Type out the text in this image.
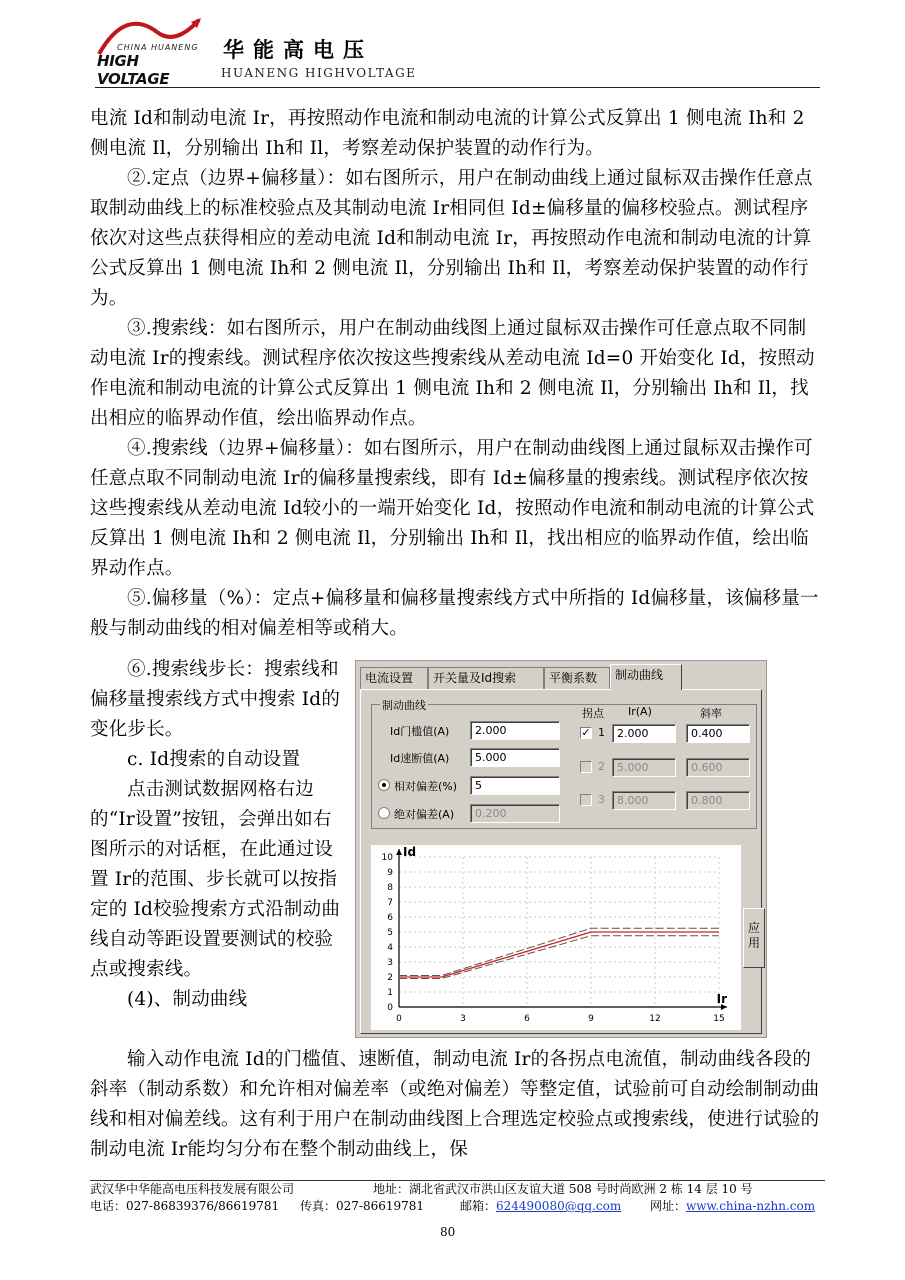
CHINA HUANENG
HIGH VOLTAGE
华能高电压
HUANENG HIGHVOLTAGE

电流 Id和制动电流 Ir，再按照动作电流和制动电流的计算公式反算出 1 侧电流 Ih和 2 侧电流 Il，分别输出 Ih和 Il，考察差动保护装置的动作行为。

②.定点（边界+偏移量）：如右图所示，用户在制动曲线上通过鼠标双击操作任意点取制动曲线上的标准校验点及其制动电流 Ir相同但 Id±偏移量的偏移校验点。测试程序依次对这些点获得相应的差动电流 Id和制动电流 Ir，再按照动作电流和制动电流的计算公式反算出 1 侧电流 Ih和 2 侧电流 Il，分别输出 Ih和 Il，考察差动保护装置的动作行为。

③.搜索线：如右图所示，用户在制动曲线图上通过鼠标双击操作可任意点取不同制动电流 Ir的搜索线。测试程序依次按这些搜索线从差动电流 Id=0 开始变化 Id，按照动作电流和制动电流的计算公式反算出 1 侧电流 Ih和 2 侧电流 Il，分别输出 Ih和 Il，找出相应的临界动作值，绘出临界动作点。

④.搜索线（边界+偏移量）：如右图所示，用户在制动曲线图上通过鼠标双击操作可任意点取不同制动电流 Ir的偏移量搜索线，即有 Id±偏移量的搜索线。测试程序依次按这些搜索线从差动电流 Id较小的一端开始变化 Id，按照动作电流和制动电流的计算公式反算出 1 侧电流 Ih和 2 侧电流 Il，分别输出 Ih和 Il，找出相应的临界动作值，绘出临界动作点。

⑤.偏移量（%）：定点+偏移量和偏移量搜索线方式中所指的 Id偏移量，该偏移量一般与制动曲线的相对偏差相等或稍大。

⑥.搜索线步长：搜索线和偏移量搜索线方式中搜索 Id的变化步长。

c. Id搜索的自动设置

点击测试数据网格右边的“Ir设置”按钮，会弹出如右图所示的对话框，在此通过设置 Ir的范围、步长就可以按指定的 Id校验搜索方式沿制动曲线自动等距设置要测试的校验点或搜索线。

(4)、制动曲线

输入动作电流 Id的门槛值、速断值，制动电流 Ir的各拐点电流值，制动曲线各段的斜率（制动系数）和允许相对偏差率（或绝对偏差）等整定值，试验前可自动绘制制动曲线和相对偏差线。这有利于用户在制动曲线图上合理选定校验点或搜索线，使进行试验的制动电流 Ir能均匀分布在整个制动曲线上，保

电流设置	开关量及Id搜索	平衡系数	制动曲线
制动曲线
Id门槛值(A)	2.000
Id速断值(A)	5.000
相对偏差(%)	5
绝对偏差(A)	0.200
拐点 Ir(A)	斜率
✓ 1	2.000	0.400
2	5.000	0.600
3	8.000	0.800
0
1
2
3
4
5
6
7
8
9
10
0	3	6	9	12	15
Ir
Id
应用
武汉华中华能高电压科技发展有限公司	地址：湖北省武汉市洪山区友谊大道 508 号时尚欧洲 2 栋 14 层 10 号
电话：027-86839376/86619781 传真：027-86619781	邮箱： 624490080@qq.com 网址： www.china-nzhn.com
80
